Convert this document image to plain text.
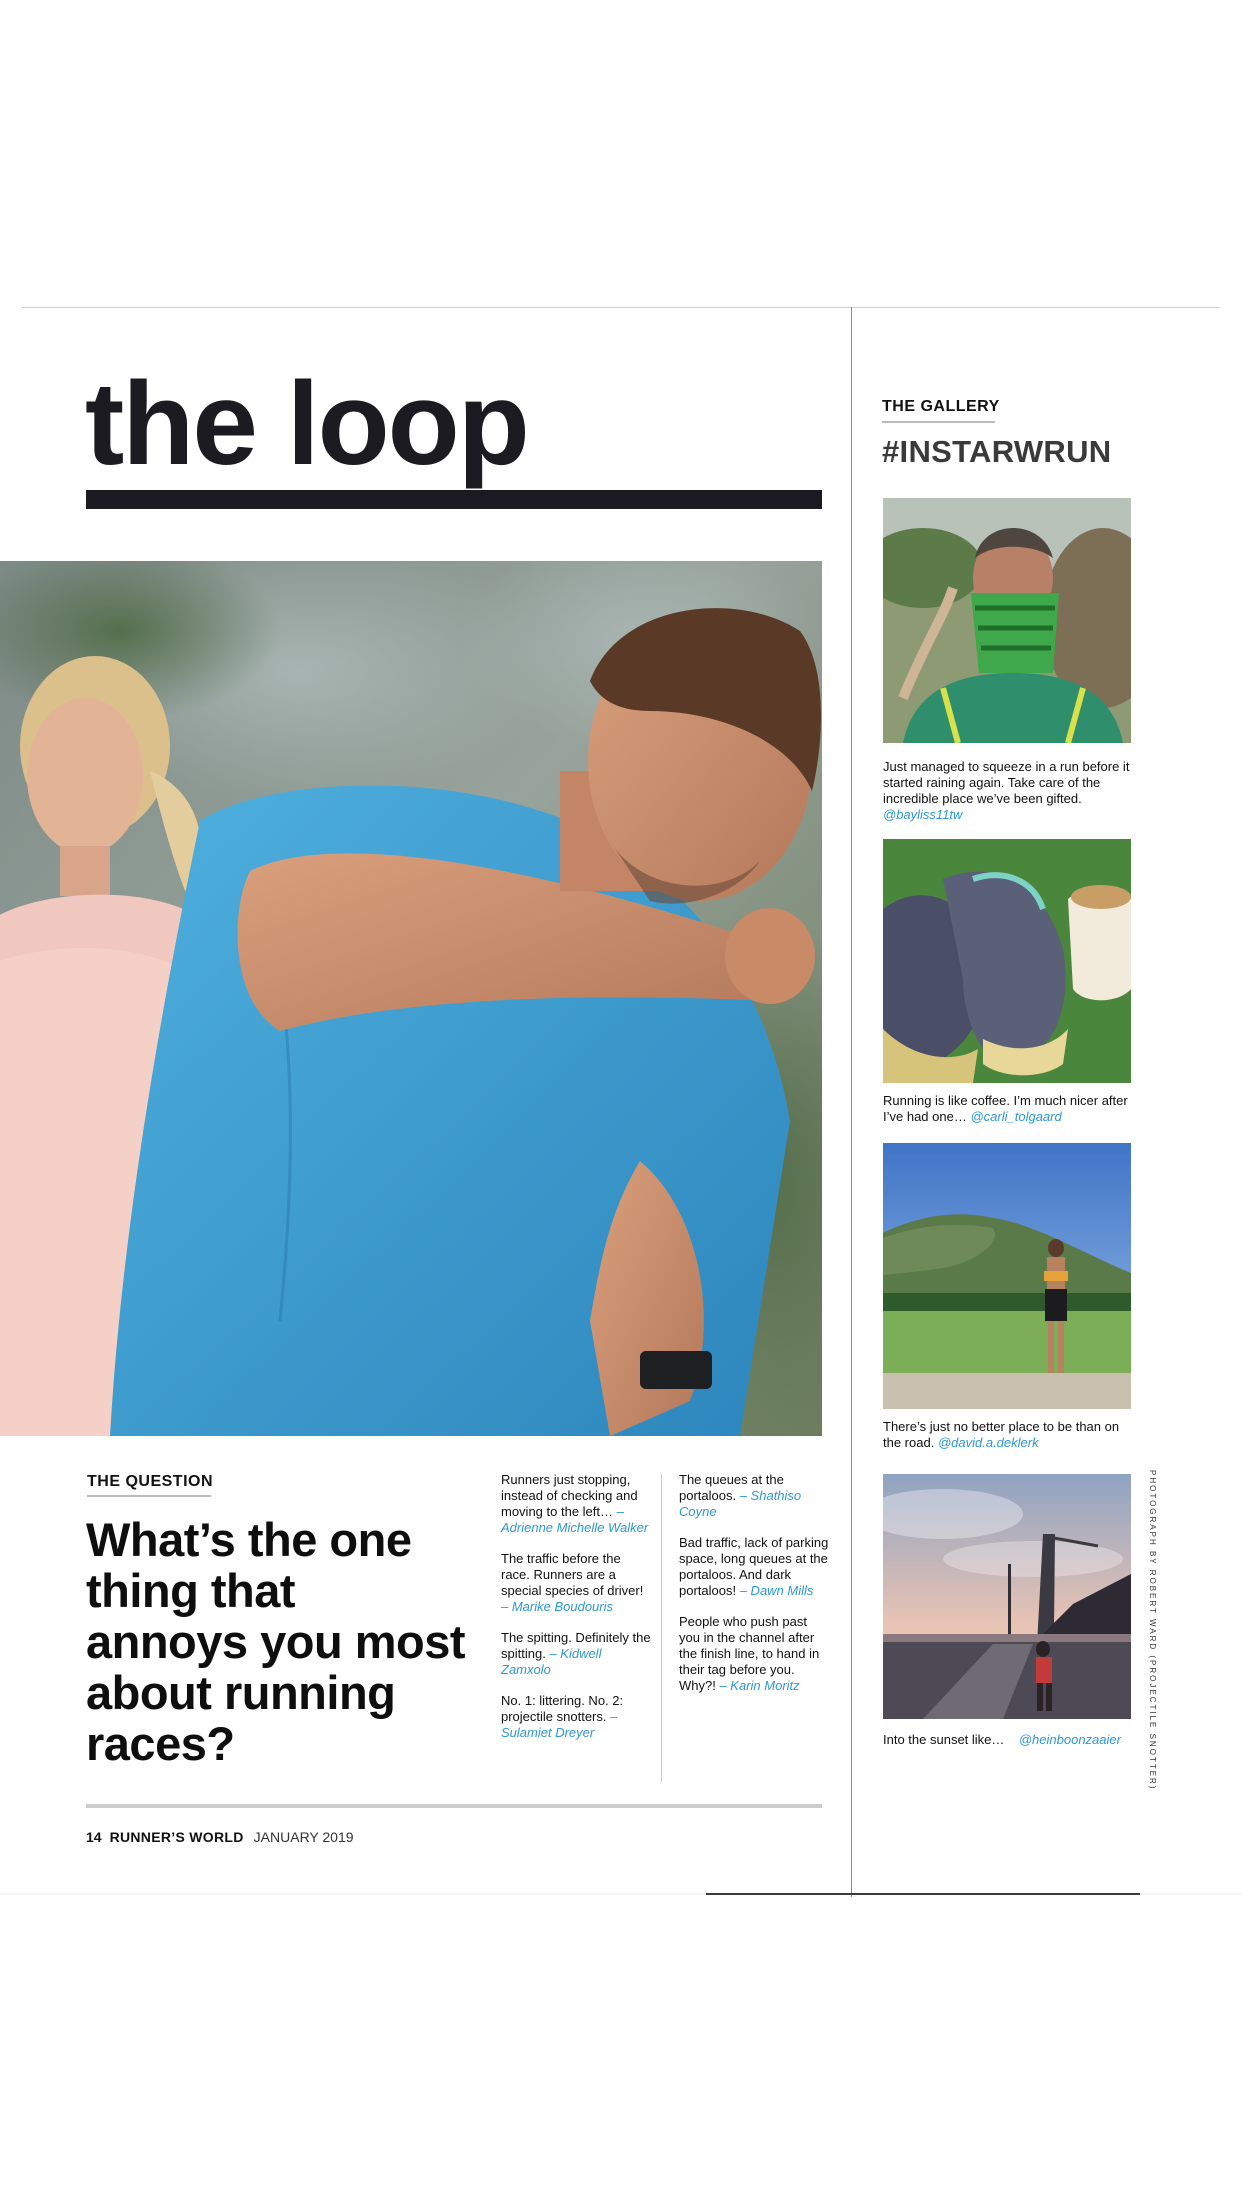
the loop
THE QUESTION
What’s the one thing that annoys you most about running races?

Runners just stopping, instead of checking and moving to the left… – Adrienne Michelle Walker

The traffic before the race. Runners are a special species of driver! – Marike Boudouris

The spitting. Definitely the spitting. – Kidwell Zamxolo

No. 1: littering. No. 2: projectile snotters. – Sulamiet Dreyer

The queues at the portaloos. – Shathiso Coyne

Bad traffic, lack of parking space, long queues at the portaloos. And dark portaloos! – Dawn Mills

People who push past you in the channel after the finish line, to hand in their tag before you. Why?! – Karin Moritz

14 RUNNER’S WORLD JANUARY 2019
THE GALLERY
#INSTARWRUN
Just managed to squeeze in a run before it started raining again. Take care of the incredible place we’ve been gifted. @bayliss11tw
Running is like coffee. I’m much nicer after I’ve had one… @carli_tolgaard
There’s just no better place to be than on the road. @david.a.deklerk
Into the sunset like… @heinboonzaaier	PHOTOGRAPH BY ROBERT WARD (PROJECTILE SNOTTER)
